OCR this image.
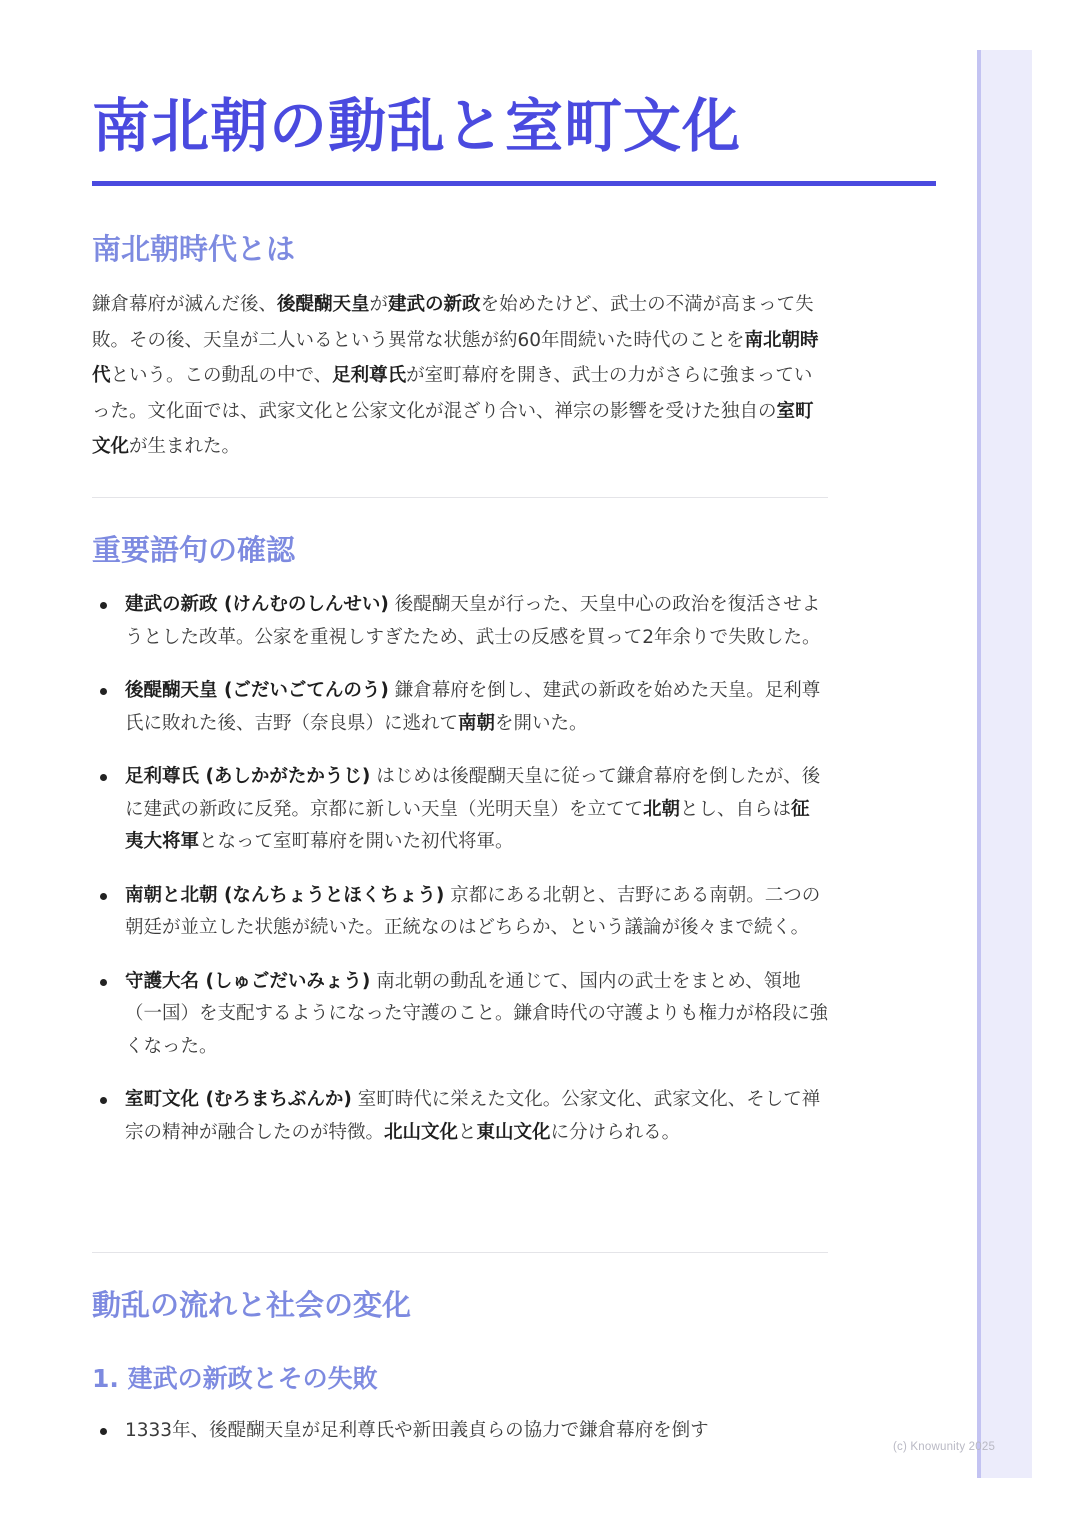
南北朝の動乱と室町文化
南北朝時代とは
鎌倉幕府が滅んだ後、後醍醐天皇が建武の新政を始めたけど、武士の不満が高まって失敗。その後、天皇が二人いるという異常な状態が約60年間続いた時代のことを南北朝時代という。この動乱の中で、足利尊氏が室町幕府を開き、武士の力がさらに強まっていった。文化面では、武家文化と公家文化が混ざり合い、禅宗の影響を受けた独自の室町文化が生まれた。
重要語句の確認
建武の新政 (けんむのしんせい) 後醍醐天皇が行った、天皇中心の政治を復活させようとした改革。公家を重視しすぎたため、武士の反感を買って2年余りで失敗した。
後醍醐天皇 (ごだいごてんのう) 鎌倉幕府を倒し、建武の新政を始めた天皇。足利尊氏に敗れた後、吉野（奈良県）に逃れて南朝を開いた。
足利尊氏 (あしかがたかうじ) はじめは後醍醐天皇に従って鎌倉幕府を倒したが、後に建武の新政に反発。京都に新しい天皇（光明天皇）を立てて北朝とし、自らは征夷大将軍となって室町幕府を開いた初代将軍。
南朝と北朝 (なんちょうとほくちょう) 京都にある北朝と、吉野にある南朝。二つの朝廷が並立した状態が続いた。正統なのはどちらか、という議論が後々まで続く。
守護大名 (しゅごだいみょう) 南北朝の動乱を通じて、国内の武士をまとめ、領地（一国）を支配するようになった守護のこと。鎌倉時代の守護よりも権力が格段に強くなった。
室町文化 (むろまちぶんか) 室町時代に栄えた文化。公家文化、武家文化、そして禅宗の精神が融合したのが特徴。北山文化と東山文化に分けられる。
動乱の流れと社会の変化
1. 建武の新政とその失敗
1333年、後醍醐天皇が足利尊氏や新田義貞らの協力で鎌倉幕府を倒す
(c) Knowunity 2025
